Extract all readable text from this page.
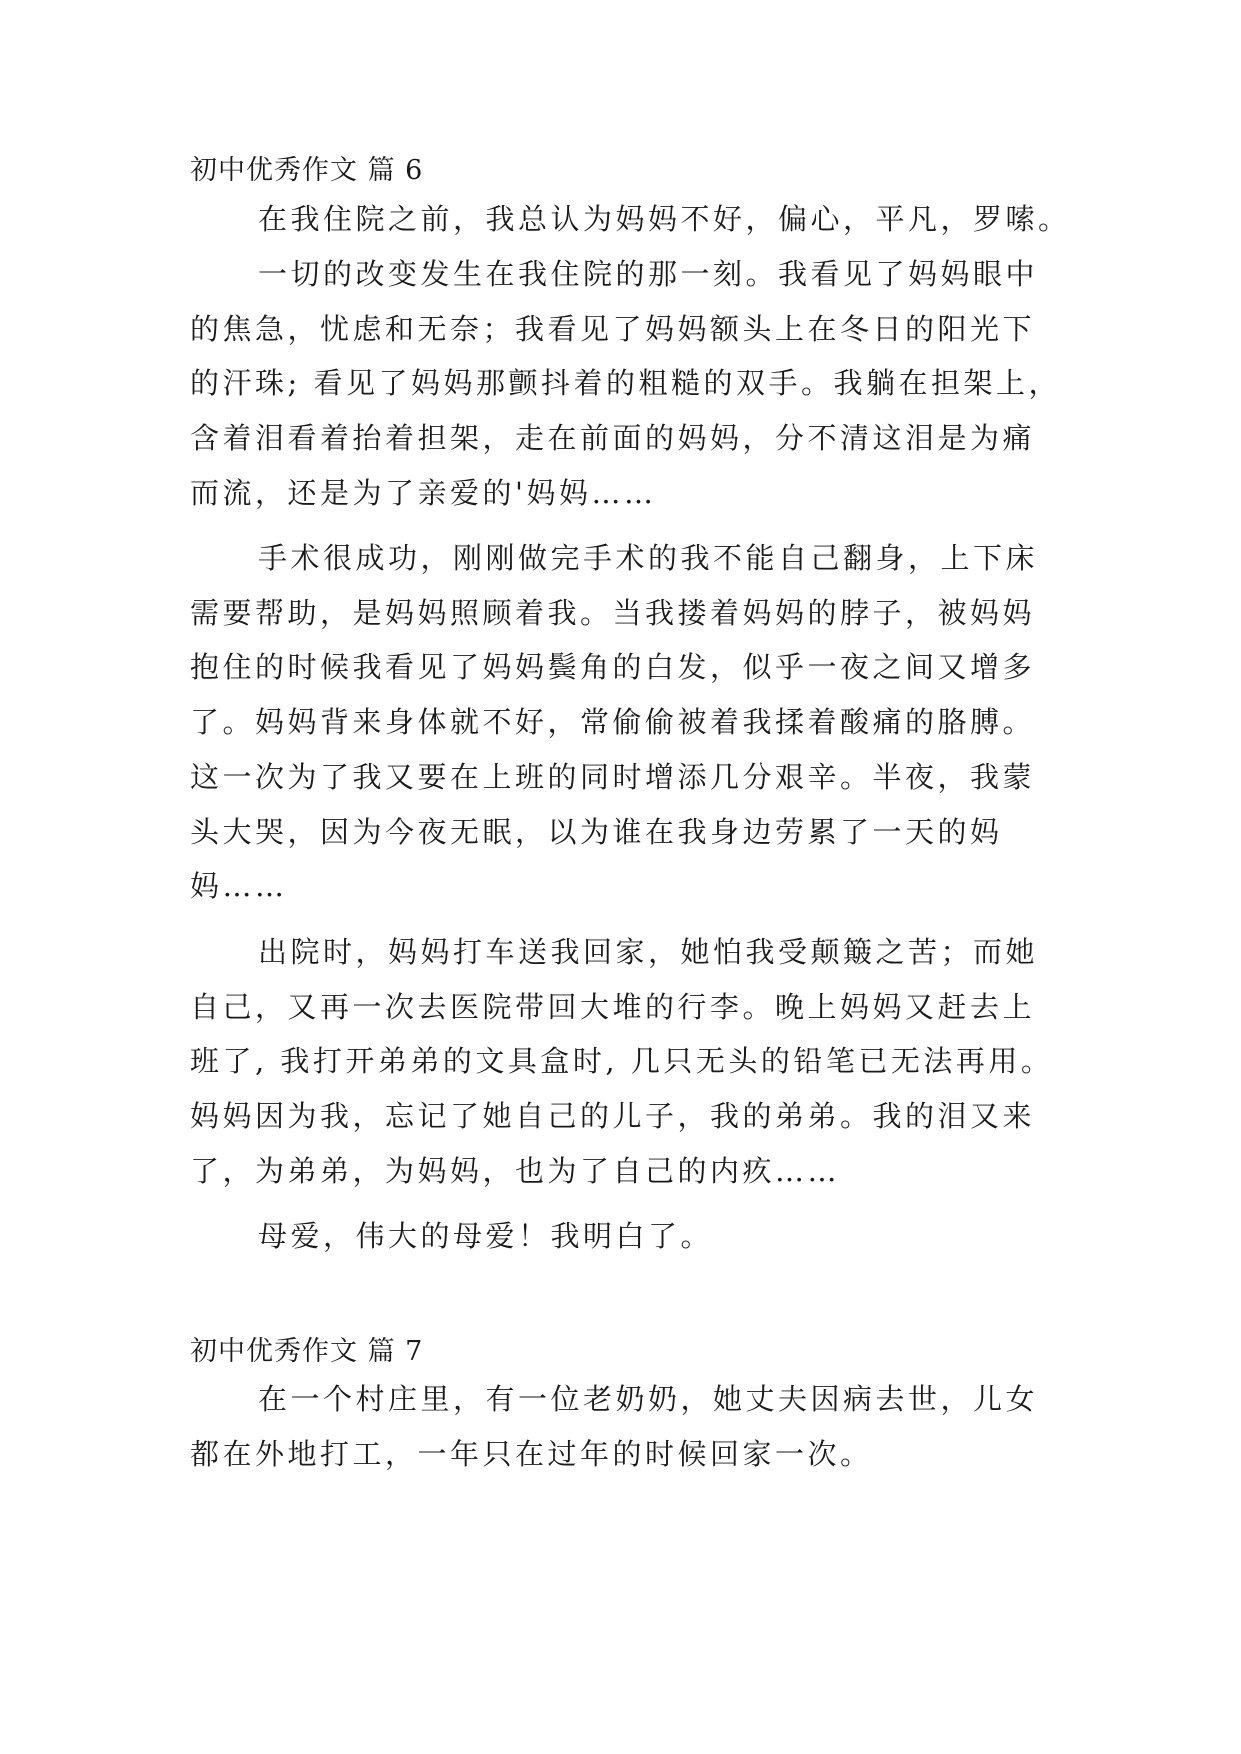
初中优秀作文 篇 6
在我住院之前，我总认为妈妈不好，偏心，平凡，罗嗦。
一切的改变发生在我住院的那一刻。我看见了妈妈眼中
的焦急，忧虑和无奈；我看见了妈妈额头上在冬日的阳光下
的汗珠; 看见了妈妈那颤抖着的粗糙的双手。我躺在担架上，
含着泪看着抬着担架，走在前面的妈妈，分不清这泪是为痛
而流，还是为了亲爱的'妈妈……
手术很成功，刚刚做完手术的我不能自己翻身，上下床
需要帮助，是妈妈照顾着我。当我搂着妈妈的脖子，被妈妈
抱住的时候我看见了妈妈鬓角的白发，似乎一夜之间又增多
了。妈妈背来身体就不好，常偷偷被着我揉着酸痛的胳膊。
这一次为了我又要在上班的同时增添几分艰辛。半夜，我蒙
头大哭，因为今夜无眠，以为谁在我身边劳累了一天的妈
妈……
出院时，妈妈打车送我回家，她怕我受颠簸之苦；而她
自己，又再一次去医院带回大堆的行李。晚上妈妈又赶去上
班了, 我打开弟弟的文具盒时, 几只无头的铅笔已无法再用。
妈妈因为我，忘记了她自己的儿子，我的弟弟。我的泪又来
了，为弟弟，为妈妈，也为了自己的内疚……
母爱，伟大的母爱！我明白了。
初中优秀作文 篇 7
在一个村庄里，有一位老奶奶，她丈夫因病去世，儿女
都在外地打工，一年只在过年的时候回家一次。
